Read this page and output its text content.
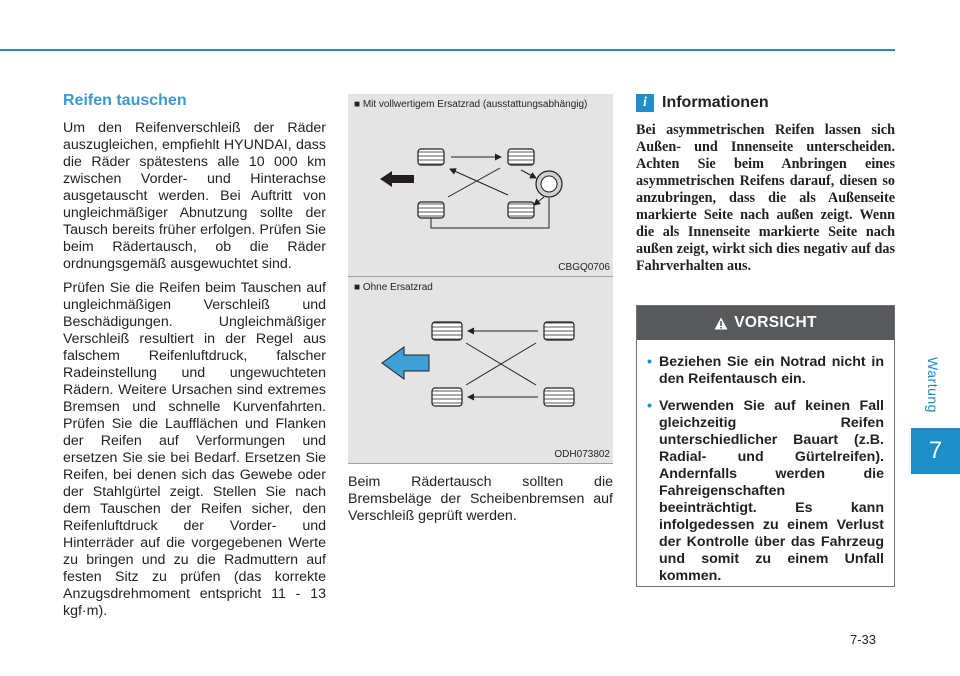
Wartung
7
Reifen tauschen

Um den Reifenverschleiß der Räder auszugleichen, empfiehlt HYUNDAI, dass die Räder spätestens alle 10 000 km zwischen Vorder- und Hinterachse ausgetauscht werden. Bei Auftritt von ungleichmäßiger Abnutzung sollte der Tausch bereits früher erfolgen. Prüfen Sie beim Rädertausch, ob die Räder ordnungsgemäß ausgewuchtet sind.

Prüfen Sie die Reifen beim Tauschen auf ungleichmäßigen Verschleiß und Beschädigungen. Ungleichmäßiger Verschleiß resultiert in der Regel aus falschem Reifenluftdruck, falscher Radeinstellung und ungewuchteten Rädern. Weitere Ursachen sind extremes Bremsen und schnelle Kurvenfahrten. Prüfen Sie die Laufflächen und Flanken der Reifen auf Verformungen und ersetzen Sie sie bei Bedarf. Ersetzen Sie Reifen, bei denen sich das Gewebe oder der Stahlgürtel zeigt. Stellen Sie nach dem Tauschen der Reifen sicher, den Reifenluftdruck der Vorder- und Hinterräder auf die vorgegebenen Werte zu bringen und zu die Radmuttern auf festen Sitz zu prüfen (das korrekte Anzugsdrehmoment entspricht 11 - 13 kgf·m).

■ Mit vollwertigem Ersatzrad (ausstattungsabhängig)
CBGQ0706
■ Ohne Ersatzrad
ODH073802

Beim Rädertausch sollten die Bremsbeläge der Scheibenbremsen auf Verschleiß geprüft werden.

i Informationen

Bei asymmetrischen Reifen lassen sich Außen- und Innenseite unterscheiden. Achten Sie beim Anbringen eines asymmetrischen Reifens darauf, diesen so anzubringen, dass die als Außenseite markierte Seite nach außen zeigt. Wenn die als Innenseite markierte Seite nach außen zeigt, wirkt sich dies negativ auf das Fahrverhalten aus.

VORSICHT
• Beziehen Sie ein Notrad nicht in den Reifentausch ein.
• Verwenden Sie auf keinen Fall gleichzeitig Reifen unterschiedlicher Bauart (z.B. Radial- und Gürtelreifen). Andernfalls werden die Fahreigenschaften beeinträchtigt. Es kann infolgedessen zu einem Verlust der Kontrolle über das Fahrzeug und somit zu einem Unfall kommen.
7-33
